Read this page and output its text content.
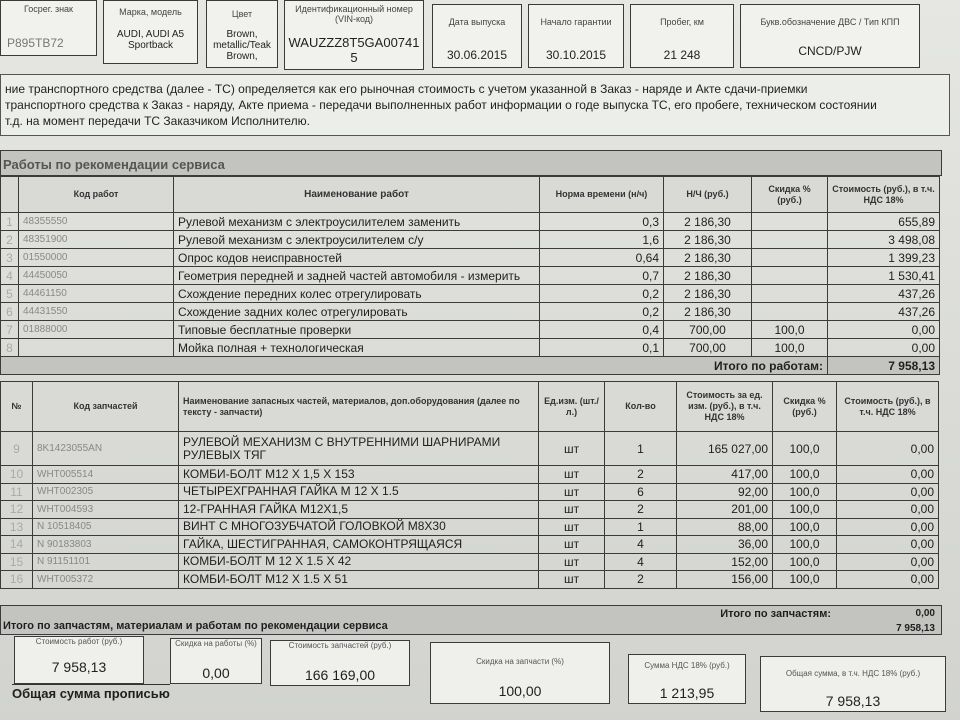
Госрег. знак
Р895ТВ72
Марка, модель
AUDI, AUDI A5 Sportback
Цвет
Brown, metallic/Teak Brown,
Идентификационный номер (VIN-код)
WAUZZZ8T5GA007415
Дата выпуска
30.06.2015
Начало гарантии
30.10.2015
Пробег, км
21 248
Букв.обозначение ДВС / Тип КПП
CNCD/PJW
ние транспортного средства (далее - ТС) определяется как его рыночная стоимость с учетом указанной в Заказ - наряде и Акте сдачи-приемки
транспортного средства к Заказ - наряду, Акте приема - передачи выполненных работ информации о годе выпуска ТС, его пробеге, техническом состоянии
т.д. на момент передачи ТС Заказчиком Исполнителю.
Работы по рекомендации сервиса
	Код работ	Наименование работ	Норма времени (н/ч)	Н/Ч (руб.)	Скидка % (руб.)	Стоимость (руб.), в т.ч. НДС 18%
1	48355550	Рулевой механизм с электроусилителем заменить	0,3	2 186,30		655,89
2	48351900	Рулевой механизм с электроусилителем с/у	1,6	2 186,30		3 498,08
3	01550000	Опрос кодов неисправностей	0,64	2 186,30		1 399,23
4	44450050	Геометрия передней и задней частей автомобиля - измерить	0,7	2 186,30		1 530,41
5	44461150	Схождение передних колес отрегулировать	0,2	2 186,30		437,26
6	44431550	Схождение задних колес отрегулировать	0,2	2 186,30		437,26
7	01888000	Типовые бесплатные проверки	0,4	700,00	100,0	0,00
8		Мойка полная + технологическая	0,1	700,00	100,0	0,00
Итого по работам:						7 958,13
№	Код запчастей	Наименование запасных частей, материалов, доп.оборудования (далее по тексту - запчасти)	Ед.изм. (шт./л.)	Кол-во	Стоимость за ед. изм. (руб.), в т.ч. НДС 18%	Скидка % (руб.)	Стоимость (руб.), в т.ч. НДС 18%
9	8K1423055AN	РУЛЕВОЙ МЕХАНИЗМ С ВНУТРЕННИМИ ШАРНИРАМИ РУЛЕВЫХ ТЯГ	шт	1	165 027,00	100,0	0,00
10	WHT005514	КОМБИ-БОЛТ М12 Х 1,5 Х 153	шт	2	417,00	100,0	0,00
11	WHT002305	ЧЕТЫРЕХГРАННАЯ ГАЙКА М 12 Х 1.5	шт	6	92,00	100,0	0,00
12	WHT004593	12-ГРАННАЯ ГАЙКА М12Х1,5	шт	2	201,00	100,0	0,00
13	N 10518405	ВИНТ С МНОГОЗУБЧАТОЙ ГОЛОВКОЙ М8Х30	шт	1	88,00	100,0	0,00
14	N 90183803	ГАЙКА, ШЕСТИГРАННАЯ, САМОКОНТРЯЩАЯСЯ	шт	4	36,00	100,0	0,00
15	N 91151101	КОМБИ-БОЛТ М 12 Х 1.5 Х 42	шт	4	152,00	100,0	0,00
16	WHT005372	КОМБИ-БОЛТ М12 Х 1.5 Х 51	шт	2	156,00	100,0	0,00
Итого по запчастям, материалам и работам по рекомендации сервиса
Итого по запчастям:	0,00
7 958,13
Стоимость работ (руб.)
7 958,13
Скидка на работы (%)
0,00
Стоимость запчастей (руб.)
166 169,00
Скидка на запчасти (%)
100,00
Сумма НДС 18% (руб.)
1 213,95
Общая сумма, в т.ч. НДС 18% (руб.)
7 958,13
Общая сумма прописью
